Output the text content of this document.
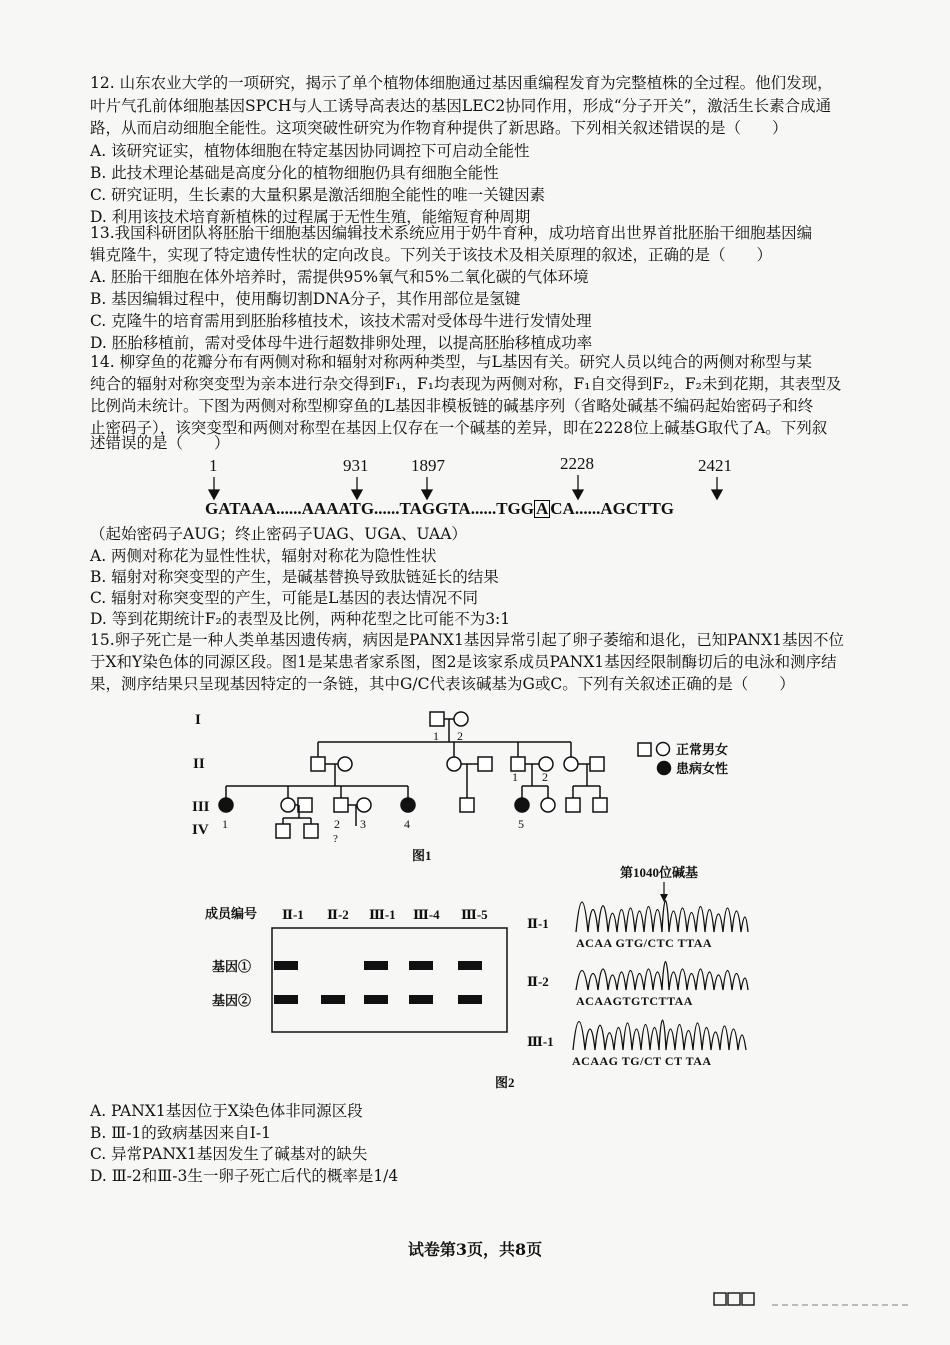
12. 山东农业大学的一项研究，揭示了单个植物体细胞通过基因重编程发育为完整植株的全过程。他们发现，
叶片气孔前体细胞基因SPCH与人工诱导高表达的基因LEC2协同作用，形成“分子开关”，激活生长素合成通
路，从而启动细胞全能性。这项突破性研究为作物育种提供了新思路。下列相关叙述错误的是（　　）
A. 该研究证实，植物体细胞在特定基因协同调控下可启动全能性
B. 此技术理论基础是高度分化的植物细胞仍具有细胞全能性
C. 研究证明，生长素的大量积累是激活细胞全能性的唯一关键因素
D. 利用该技术培育新植株的过程属于无性生殖，能缩短育种周期
13.我国科研团队将胚胎干细胞基因编辑技术系统应用于奶牛育种，成功培育出世界首批胚胎干细胞基因编
辑克隆牛，实现了特定遗传性状的定向改良。下列关于该技术及相关原理的叙述，正确的是（　　）
A. 胚胎干细胞在体外培养时，需提供95%氧气和5%二氧化碳的气体环境
B. 基因编辑过程中，使用酶切割DNA分子，其作用部位是氢键
C. 克隆牛的培育需用到胚胎移植技术，该技术需对受体母牛进行发情处理
D. 胚胎移植前，需对受体母牛进行超数排卵处理，以提高胚胎移植成功率
14. 柳穿鱼的花瓣分布有两侧对称和辐射对称两种类型，与L基因有关。研究人员以纯合的两侧对称型与某
纯合的辐射对称突变型为亲本进行杂交得到F₁，F₁均表现为两侧对称，F₁自交得到F₂，F₂未到花期，其表型及
比例尚未统计。下图为两侧对称型柳穿鱼的L基因非模板链的碱基序列（省略处碱基不编码起始密码子和终
止密码子），该突变型和两侧对称型在基因上仅存在一个碱基的差异，即在2228位上碱基G取代了A。下列叙
述错误的是（　　）
1	931	1897	2228	2421
GATAAA......AAAATG......TAGGTA......TGG A CA......AGCTTG
（起始密码子AUG；终止密码子UAG、UGA、UAA）
A. 两侧对称花为显性性状，辐射对称花为隐性性状
B. 辐射对称突变型的产生，是碱基替换导致肽链延长的结果
C. 辐射对称突变型的产生，可能是L基因的表达情况不同
D. 等到花期统计F₂的表型及比例，两种花型之比可能不为3:1
15.卵子死亡是一种人类单基因遗传病，病因是PANX1基因异常引起了卵子萎缩和退化，已知PANX1基因不位
于X和Y染色体的同源区段。图1是某患者家系图，图2是该家系成员PANX1基因经限制酶切后的电泳和测序结
果，测序结果只呈现基因特定的一条链，其中G/C代表该碱基为G或C。下列有关叙述正确的是（　　）
I
II
III
IV
1 2
1 2
1	2 3	4	5
?
正常男女
患病女性
图1
成员编号 Ⅱ-1 Ⅱ-2 Ⅲ-1 Ⅲ-4 Ⅲ-5
基因①
基因②
第1040位碱基
Ⅱ-1
Ⅱ-2
Ⅲ-1
ACAA GTG/CTC TTAA
ACAAGTGTCTTAA
ACAAG TG/CT CT TAA
图2
A. PANX1基因位于X染色体非同源区段
B. Ⅲ-1的致病基因来自Ⅰ-1
C. 异常PANX1基因发生了碱基对的缺失
D. Ⅲ-2和Ⅲ-3生一卵子死亡后代的概率是1/4
试卷第3页，共8页
